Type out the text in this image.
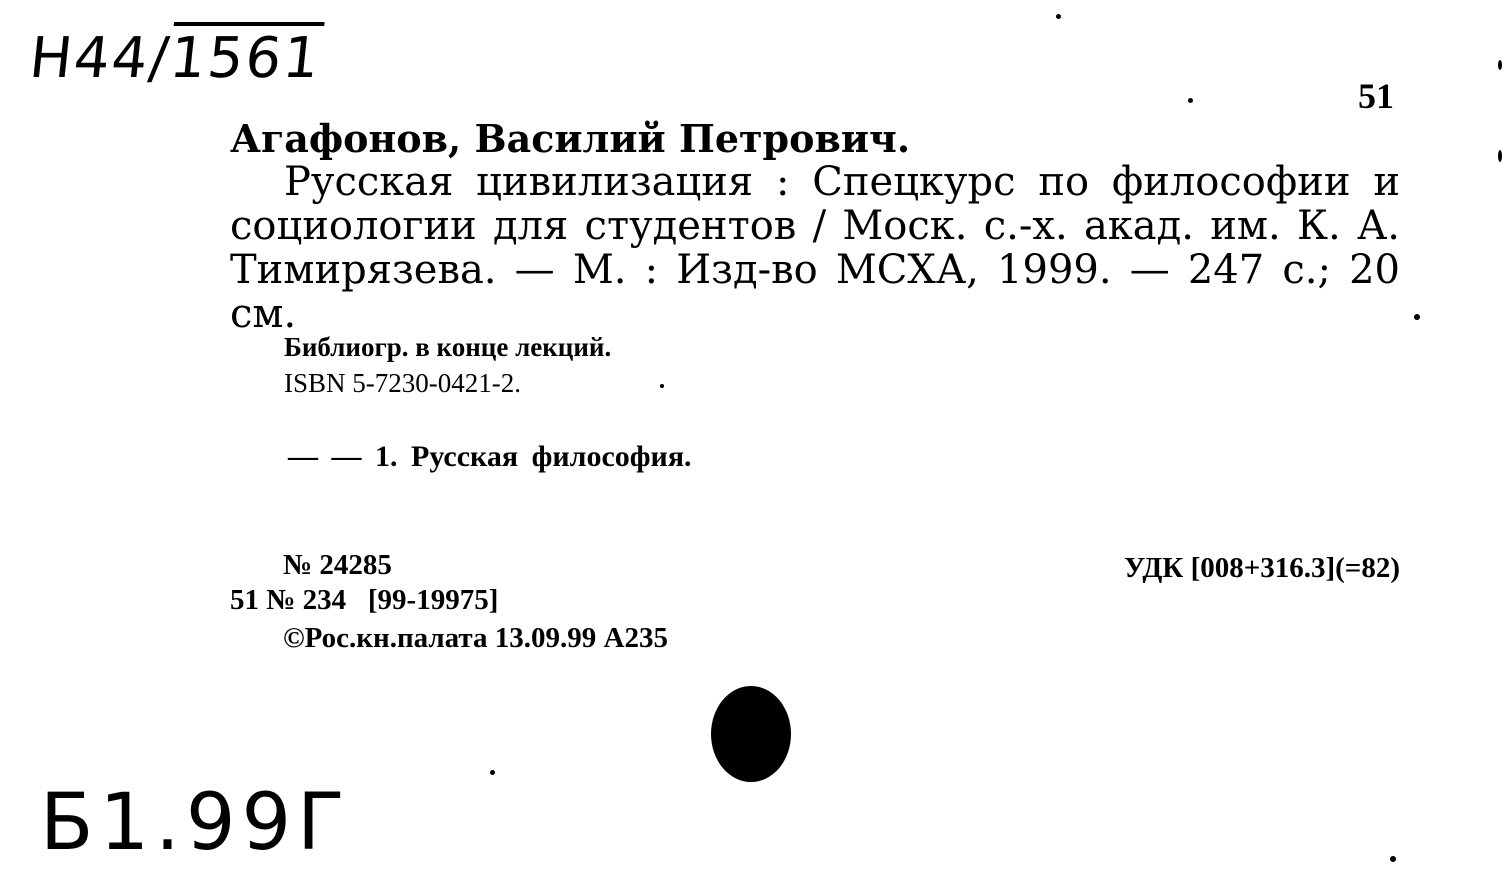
Н44/1561
51
Агафонов, Василий Петрович.
Русская цивилизация : Спецкурс по философии и социологии для студентов / Моск. с.-х. акад. им. К. А. Тимирязева. — М. : Изд-во МСХА, 1999. — 247 с.; 20 см.
Библиогр. в конце лекций.
ISBN 5-7230-0421-2.
— — 1. Русская философия.
№ 24285
51 № 234   [99-19975]
©Рос.кн.палата 13.09.99 А235
УДК [008+316.3](=82)
Б1.99Г
